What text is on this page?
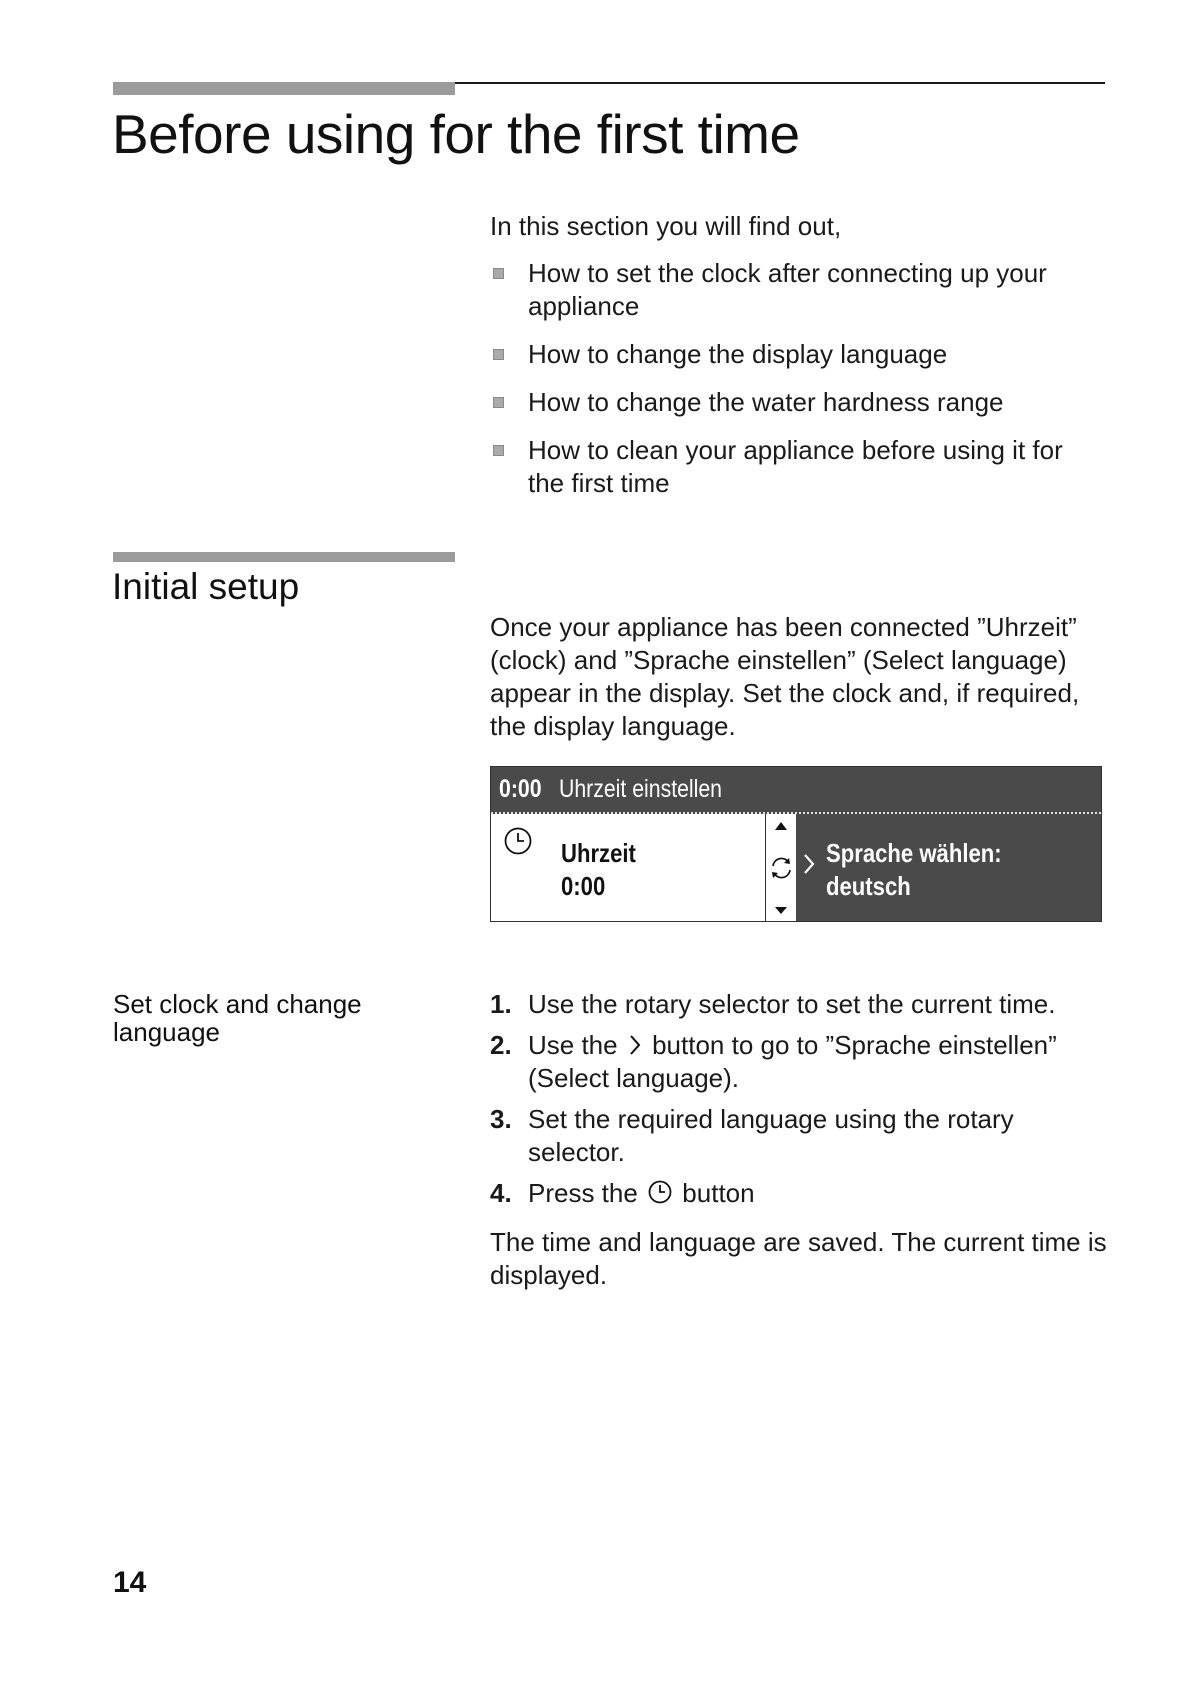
Before using for the first time
In this section you will find out,
How to set the clock after connecting up your appliance
How to change the display language
How to change the water hardness range
How to clean your appliance before using it for the first time
Initial setup
Once your appliance has been connected ”Uhrzeit” (clock) and ”Sprache einstellen” (Select language) appear in the display. Set the clock and, if required, the display language.
0:00 Uhrzeit einstellen
Uhrzeit
0:00
Sprache wählen:
deutsch
Set clock and change language
1. Use the rotary selector to set the current time.
2. Use the button to go to ”Sprache einstellen” (Select language).
3. Set the required language using the rotary selector.
4. Press the button
The time and language are saved. The current time is displayed.
14
